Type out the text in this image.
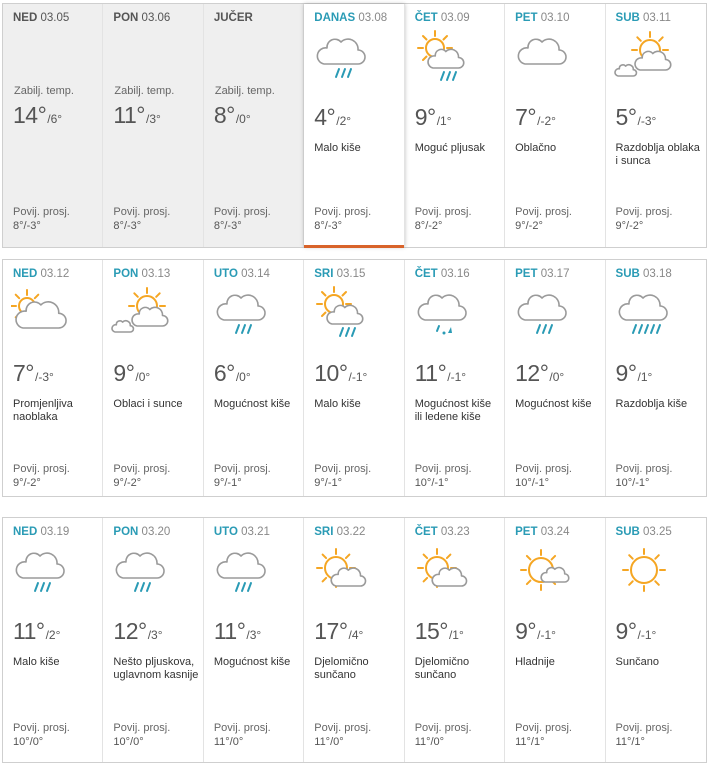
NED 03.05
Zabilj. temp.
14°/6°
Povij. prosj.
8°/-3°
PON 03.06
Zabilj. temp.
11°/3°
Povij. prosj.
8°/-3°
JUČER
Zabilj. temp.
8°/0°
Povij. prosj.
8°/-3°
DANAS 03.08
4°/2°
Malo kiše
Povij. prosj.
8°/-3°
ČET 03.09
9°/1°
Moguć pljusak
Povij. prosj.
8°/-2°
PET 03.10
7°/-2°
Oblačno
Povij. prosj.
9°/-2°
SUB 03.11
5°/-3°
Razdoblja oblaka i sunca
Povij. prosj.
9°/-2°
NED 03.12
7°/-3°
Promjenljiva naoblaka
Povij. prosj.
9°/-2°
PON 03.13
9°/0°
Oblaci i sunce
Povij. prosj.
9°/-2°
UTO 03.14
6°/0°
Mogućnost kiše
Povij. prosj.
9°/-1°
SRI 03.15
10°/-1°
Malo kiše
Povij. prosj.
9°/-1°
ČET 03.16
11°/-1°
Mogućnost kiše ili ledene kiše
Povij. prosj.
10°/-1°
PET 03.17
12°/0°
Mogućnost kiše
Povij. prosj.
10°/-1°
SUB 03.18
9°/1°
Razdoblja kiše
Povij. prosj.
10°/-1°
NED 03.19
11°/2°
Malo kiše
Povij. prosj.
10°/0°
PON 03.20
12°/3°
Nešto pljuskova, uglavnom kasnije
Povij. prosj.
10°/0°
UTO 03.21
11°/3°
Mogućnost kiše
Povij. prosj.
11°/0°
SRI 03.22
17°/4°
Djelomično sunčano
Povij. prosj.
11°/0°
ČET 03.23
15°/1°
Djelomično sunčano
Povij. prosj.
11°/0°
PET 03.24
9°/-1°
Hladnije
Povij. prosj.
11°/1°
SUB 03.25
9°/-1°
Sunčano
Povij. prosj.
11°/1°
